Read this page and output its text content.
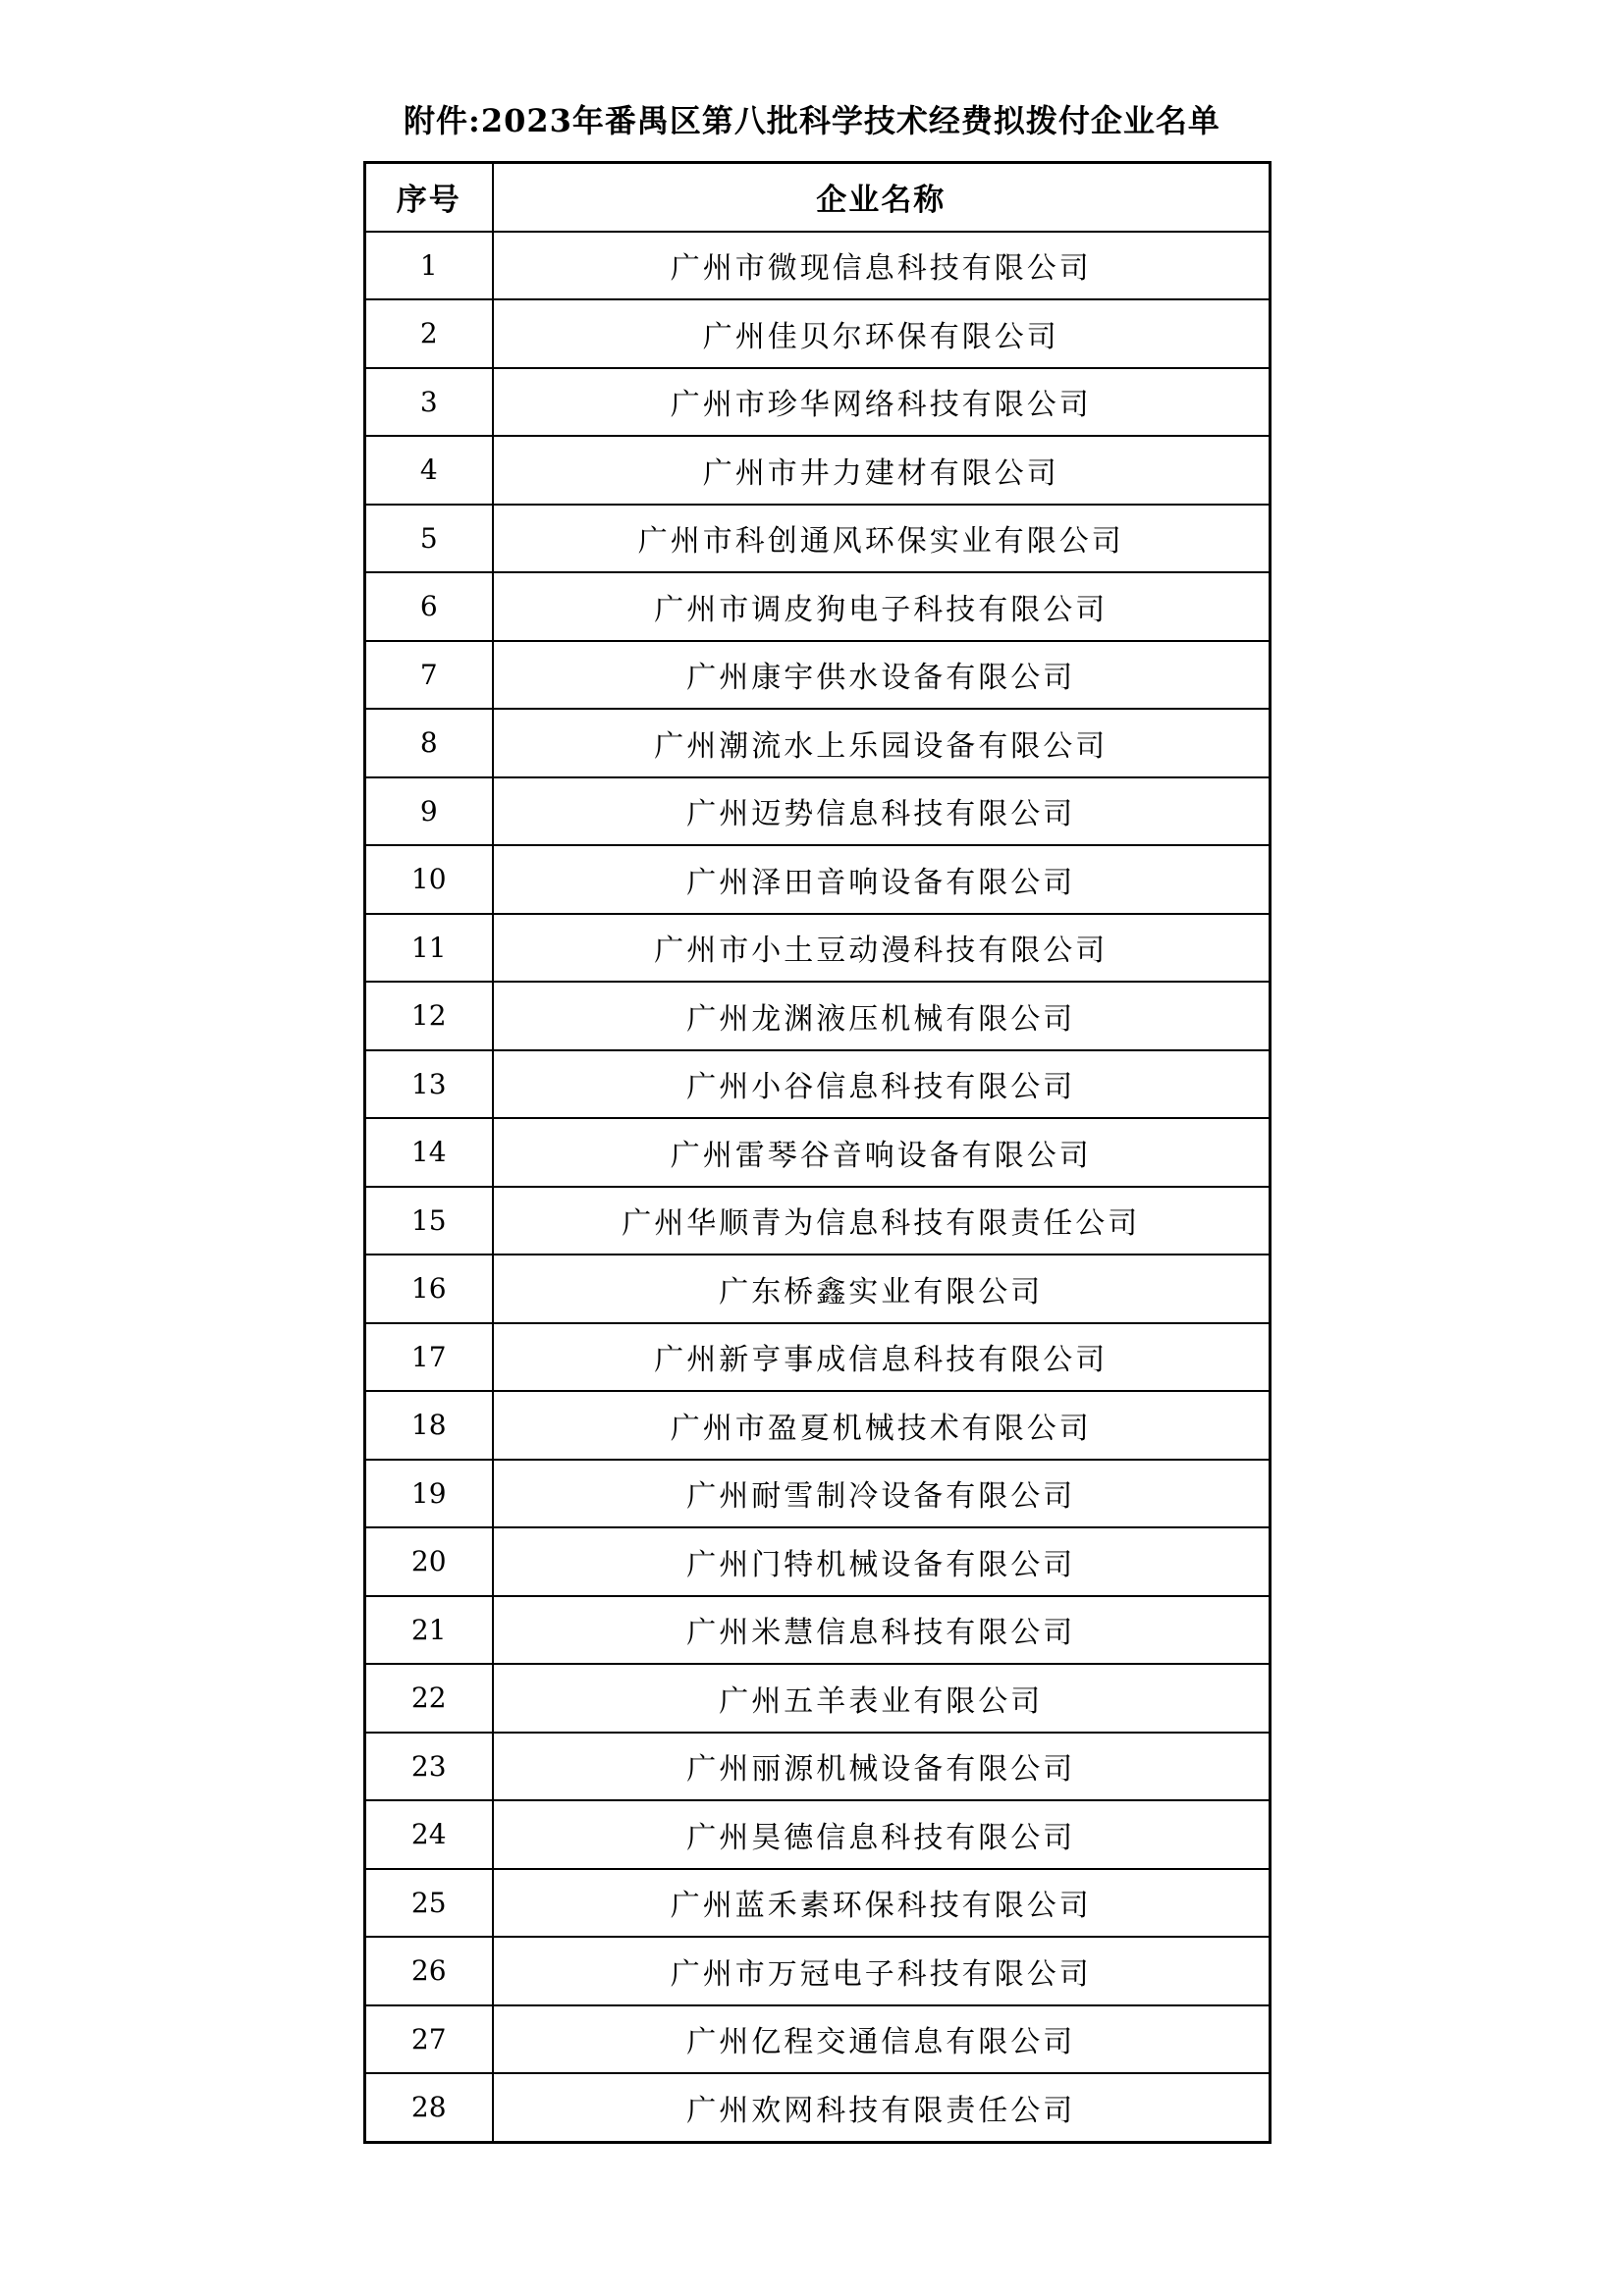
附件:2023年番禺区第八批科学技术经费拟拨付企业名单
序号	企业名称
1	广州市微现信息科技有限公司
2	广州佳贝尔环保有限公司
3	广州市珍华网络科技有限公司
4	广州市井力建材有限公司
5	广州市科创通风环保实业有限公司
6	广州市调皮狗电子科技有限公司
7	广州康宇供水设备有限公司
8	广州潮流水上乐园设备有限公司
9	广州迈势信息科技有限公司
10	广州泽田音响设备有限公司
11	广州市小土豆动漫科技有限公司
12	广州龙渊液压机械有限公司
13	广州小谷信息科技有限公司
14	广州雷琴谷音响设备有限公司
15	广州华顺青为信息科技有限责任公司
16	广东桥鑫实业有限公司
17	广州新亨事成信息科技有限公司
18	广州市盈夏机械技术有限公司
19	广州耐雪制冷设备有限公司
20	广州门特机械设备有限公司
21	广州米慧信息科技有限公司
22	广州五羊表业有限公司
23	广州丽源机械设备有限公司
24	广州昊德信息科技有限公司
25	广州蓝禾素环保科技有限公司
26	广州市万冠电子科技有限公司
27	广州亿程交通信息有限公司
28	广州欢网科技有限责任公司
